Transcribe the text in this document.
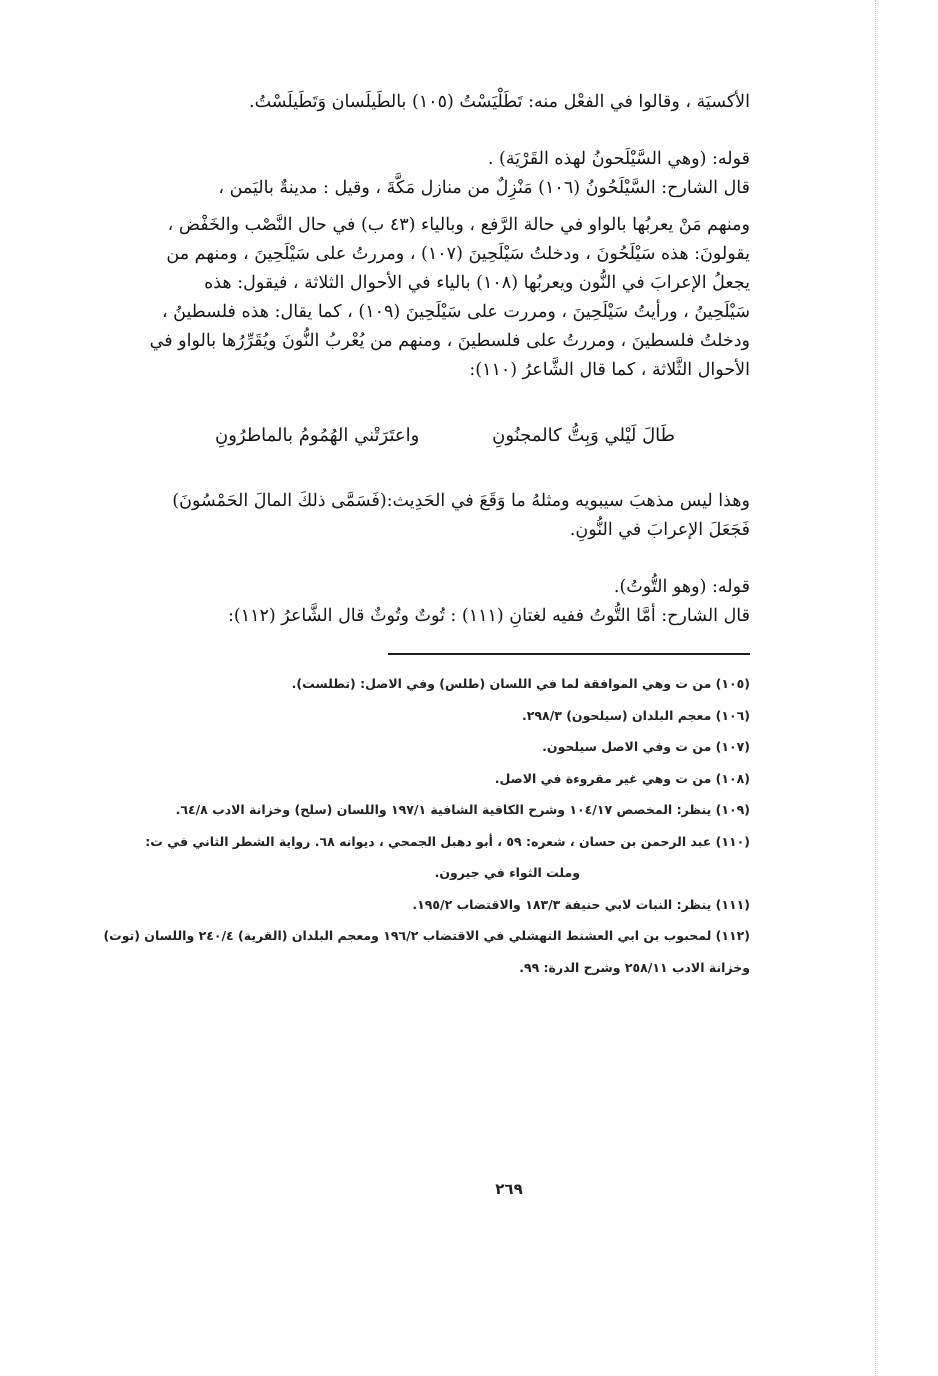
الأكسيَة ، وقالوا في الفعْل منه: تَطَلْيَسْتُ (١٠٥) بالطَيلَسان وَتَطَيلَسْتُ.

قوله: (وهي السَّيْلَحونُ لهذه القَرْيَة) .

قال الشارح: السَّيْلَحُونُ (١٠٦) مَنْزِلٌ من منازل مَكَّةَ ، وقيل : مدينةٌ باليَمن ،

ومنهم مَنْ يعربُها بالواو في حالة الرَّفع ، وبالياء (٤٣ ب) في حال النَّصْب والخَفْض ،

يقولونَ: هذه سَيْلَحُونَ ، ودخلتُ سَيْلَحِينَ (١٠٧) ، ومررتُ على سَيْلَحِينَ ، ومنهم من

يجعلُ الإعرابَ في النُّون ويعربُها (١٠٨) بالياء في الأحوال الثلاثة ، فيقول: هذه

سَيْلَحِينُ ، ورأيتُ سَيْلَحِينَ ، ومررت على سَيْلَحِينَ (١٠٩) ، كما يقال: هذه فلسطينُ ،

ودخلتُ فلسطينَ ، ومررتُ على فلسطينَ ، ومنهم من يُعْربُ النُّونَ ويُقَرِّرُها بالواو في

الأحوال الثَّلاثة ، كما قال الشَّاعرُ (١١٠):

طَالَ لَيْلي وَبِتُّ كالمجنُونِ
واعتَرَتْني الهُمُومُ بالماطرُونِ

وهذا ليس مذهبَ سيبويه ومثلهُ ما وَقَعَ في الحَدِيث:(فَسَمَّى ذلكَ المالَ الحَمْسُونَ)

فَجَعَلَ الإعرابَ في النُّونِ.

قوله: (وهو التُّوتُ).

قال الشارح: أمَّا التُّوتُ ففيه لغتانِ (١١١) : تُوتٌ وتُوثٌ قال الشَّاعرُ (١١٢):

(١٠٥) من ت وهي الموافقة لما في اللسان (طلس) وفي الاصل: (تطلست).

(١٠٦) معجم البلدان (سيلحون) ٢٩٨/٣.

(١٠٧) من ت وفي الاصل سيلحون.

(١٠٨) من ت وهي غير مقروءة في الاصل.

(١٠٩) ينظر: المخصص ١٠٤/١٧ وشرح الكافية الشافية ١٩٧/١ واللسان (سلح) وخزانة الادب ٦٤/٨.

(١١٠) عبد الرحمن بن حسان ، شعره: ٥٩ ، أبو دهبل الجمحي ، ديوانه ٦٨. رواية الشطر الثاني في ت:

وملت الثواء في جيرون.

(١١١) ينظر: النبات لابي حنيفة ١٨٣/٣ والاقتضاب ١٩٥/٢.

(١١٢) لمحبوب بن ابي العشنط النهشلي في الاقتضاب ١٩٦/٢ ومعجم البلدان (القرية) ٢٤٠/٤ واللسان (توت)

وخزانة الادب ٢٥٨/١١ وشرح الدرة: ٩٩.

٢٦٩
